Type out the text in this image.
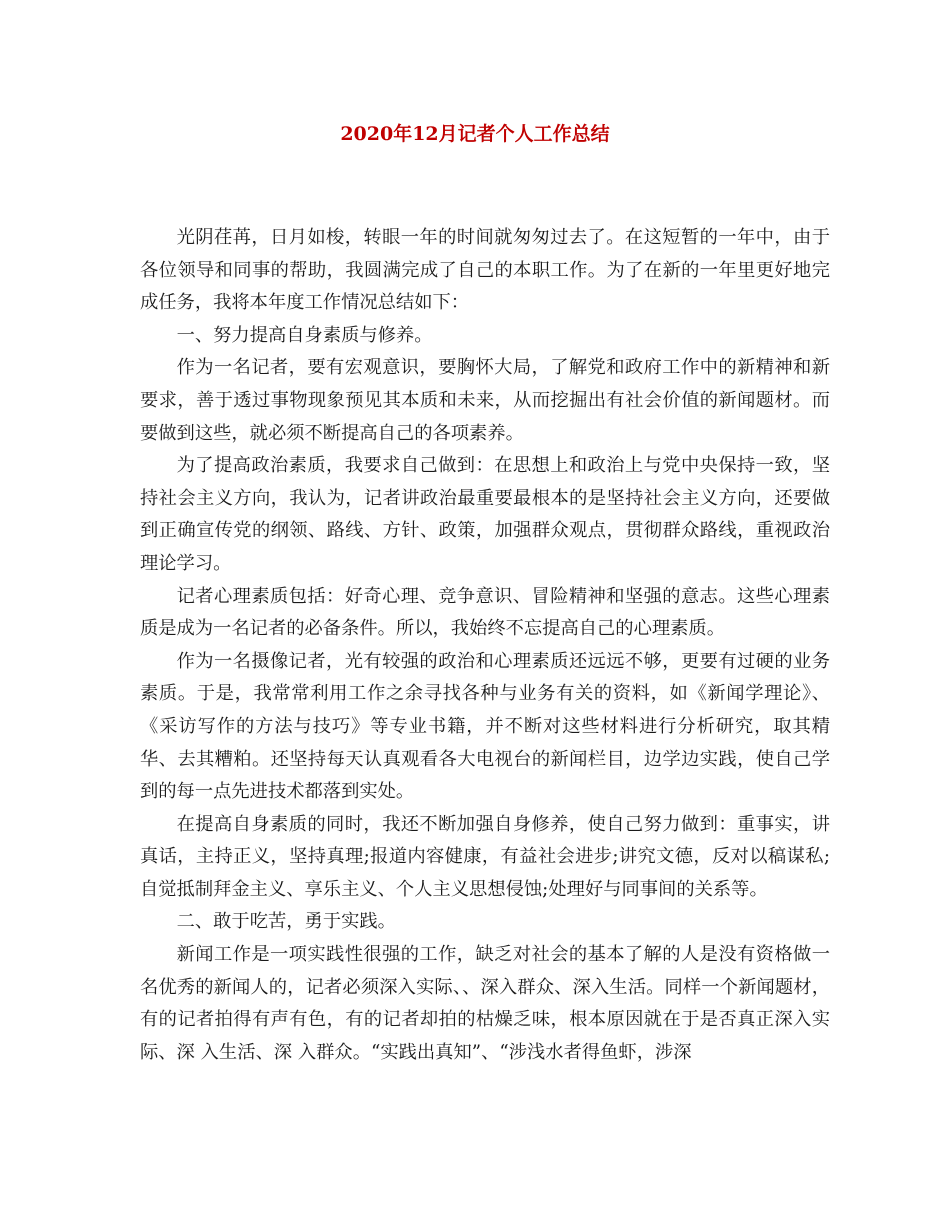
2020年12月记者个人工作总结

光阴荏苒，日月如梭，转眼一年的时间就匆匆过去了。在这短暂的一年中，由于各位领导和同事的帮助，我圆满完成了自己的本职工作。为了在新的一年里更好地完成任务，我将本年度工作情况总结如下：

一、努力提高自身素质与修养。

作为一名记者，要有宏观意识，要胸怀大局，了解党和政府工作中的新精神和新要求，善于透过事物现象预见其本质和未来，从而挖掘出有社会价值的新闻题材。而要做到这些，就必须不断提高自己的各项素养。

为了提高政治素质，我要求自己做到：在思想上和政治上与党中央保持一致，坚持社会主义方向，我认为，记者讲政治最重要最根本的是坚持社会主义方向，还要做到正确宣传党的纲领、路线、方针、政策，加强群众观点，贯彻群众路线，重视政治理论学习。

记者心理素质包括：好奇心理、竞争意识、冒险精神和坚强的意志。这些心理素质是成为一名记者的必备条件。所以，我始终不忘提高自己的心理素质。

作为一名摄像记者，光有较强的政治和心理素质还远远不够，更要有过硬的业务素质。于是，我常常利用工作之余寻找各种与业务有关的资料，如《新闻学理论》、《采访写作的方法与技巧》等专业书籍，并不断对这些材料进行分析研究，取其精华、去其糟粕。还坚持每天认真观看各大电视台的新闻栏目，边学边实践，使自己学到的每一点先进技术都落到实处。

在提高自身素质的同时，我还不断加强自身修养，使自己努力做到：重事实，讲真话，主持正义，坚持真理;报道内容健康，有益社会进步;讲究文德，反对以稿谋私;自觉抵制拜金主义、享乐主义、个人主义思想侵蚀;处理好与同事间的关系等。

二、敢于吃苦，勇于实践。

新闻工作是一项实践性很强的工作，缺乏对社会的基本了解的人是没有资格做一名优秀的新闻人的，记者必须深入实际、、深入群众、深入生活。同样一个新闻题材，有的记者拍得有声有色，有的记者却拍的枯燥乏味，根本原因就在于是否真正深入实际、深 入生活、深 入群众。“实践出真知”、“涉浅水者得鱼虾，涉深
